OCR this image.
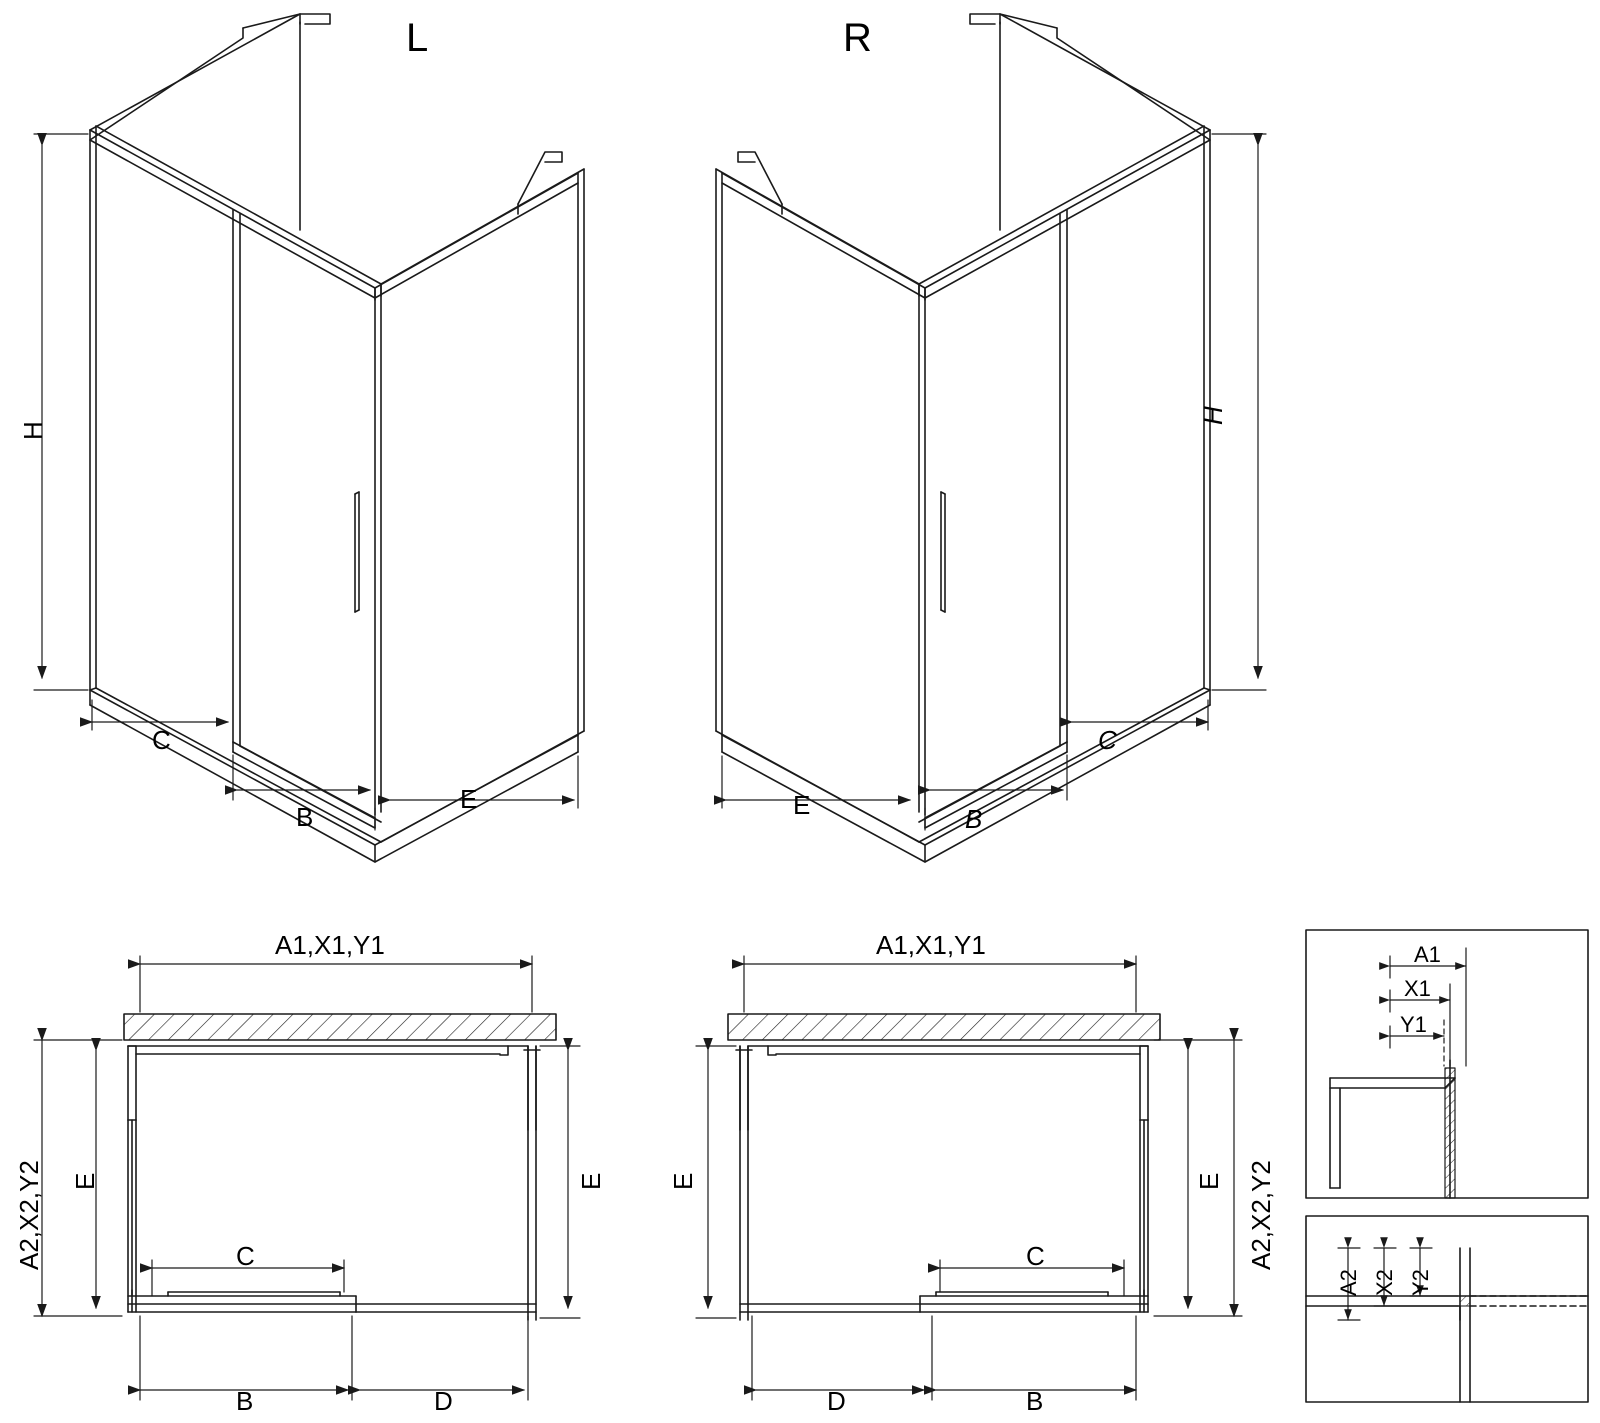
L	R
H
H
C
B
E	E	B
C
A1,X1,Y1	A1,X1,Y1
A2,X2,Y2	A2,X2,Y2
E	E E	E
C	C
B	D	D	B
A1
X1
Y1
A2 X2 Y2
